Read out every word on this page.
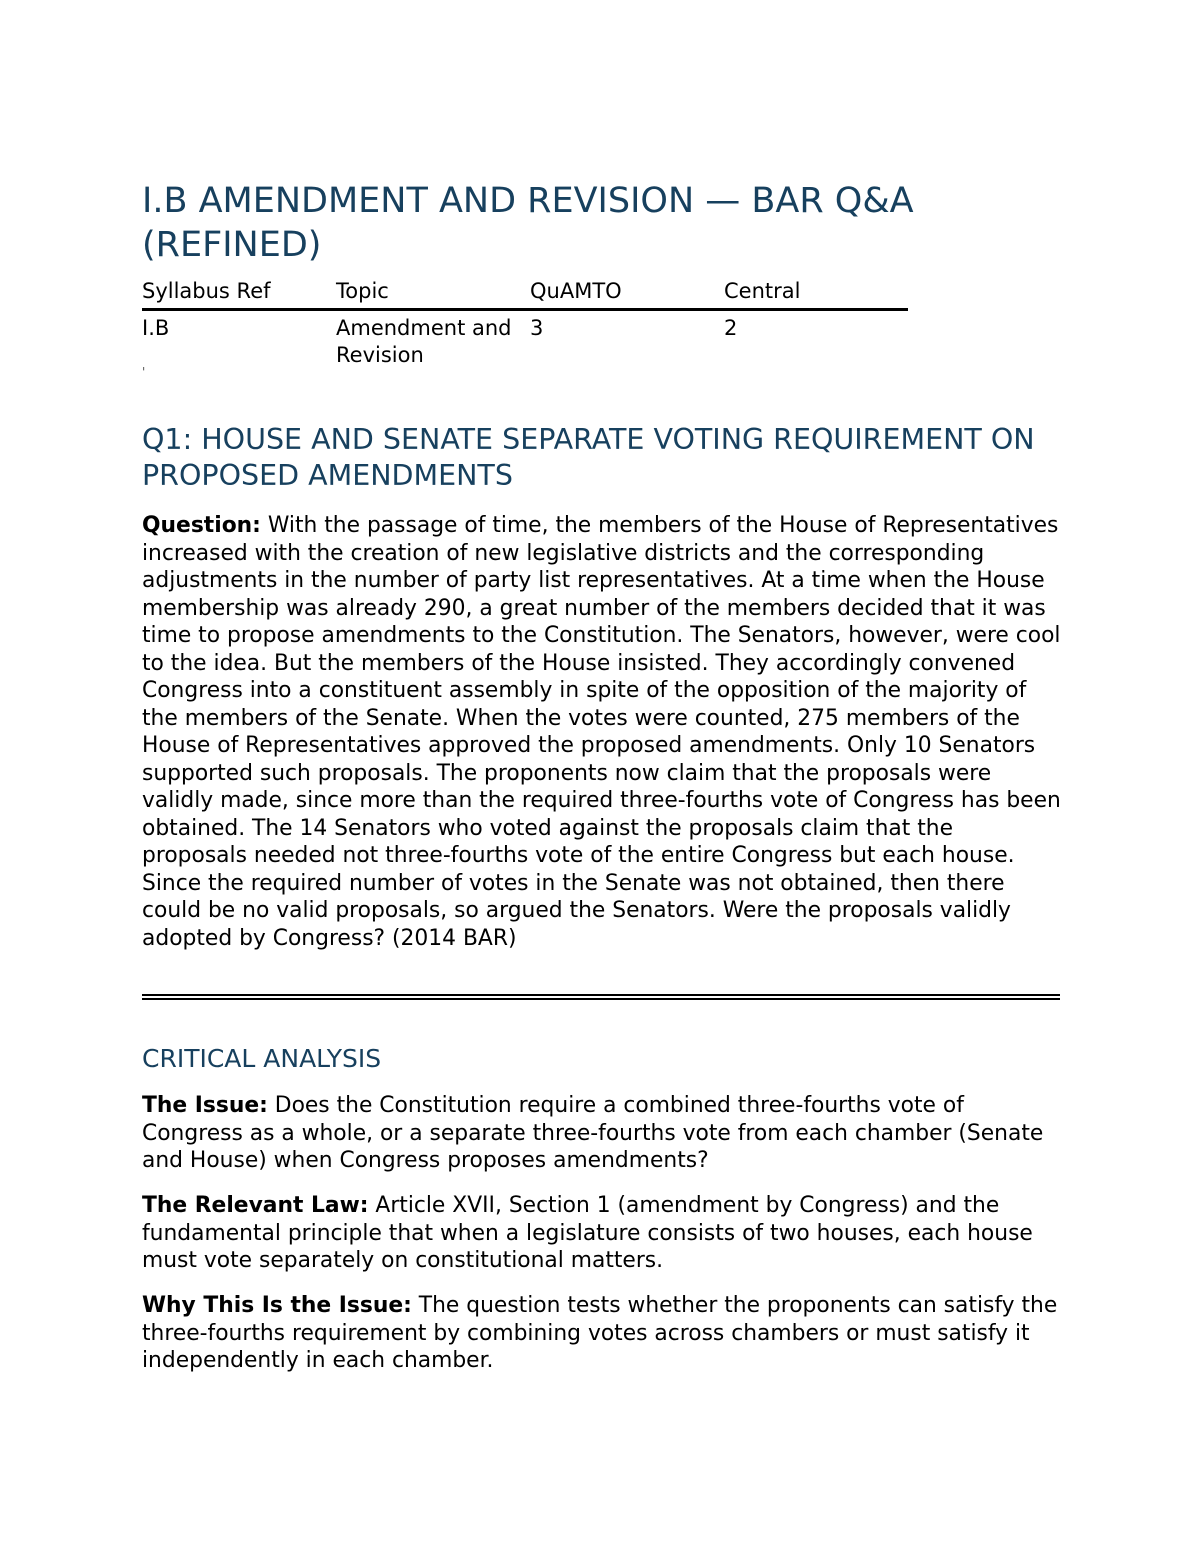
I.B AMENDMENT AND REVISION — BAR Q&A (REFINED)
Syllabus Ref	Topic	QuAMTO	Central
I.B	Amendment and Revision	3	2
'
Q1: HOUSE AND SENATE SEPARATE VOTING REQUIREMENT ON PROPOSED AMENDMENTS

Question: With the passage of time, the members of the House of Representatives increased with the creation of new legislative districts and the corresponding adjustments in the number of party list representatives. At a time when the House membership was already 290, a great number of the members decided that it was time to propose amendments to the Constitution. The Senators, however, were cool to the idea. But the members of the House insisted. They accordingly convened Congress into a constituent assembly in spite of the opposition of the majority of the members of the Senate. When the votes were counted, 275 members of the House of Representatives approved the proposed amendments. Only 10 Senators supported such proposals. The proponents now claim that the proposals were validly made, since more than the required three-fourths vote of Congress has been obtained. The 14 Senators who voted against the proposals claim that the proposals needed not three-fourths vote of the entire Congress but each house. Since the required number of votes in the Senate was not obtained, then there could be no valid proposals, so argued the Senators. Were the proposals validly adopted by Congress? (2014 BAR)

CRITICAL ANALYSIS

The Issue: Does the Constitution require a combined three-fourths vote of Congress as a whole, or a separate three-fourths vote from each chamber (Senate and House) when Congress proposes amendments?

The Relevant Law: Article XVII, Section 1 (amendment by Congress) and the fundamental principle that when a legislature consists of two houses, each house must vote separately on constitutional matters.

Why This Is the Issue: The question tests whether the proponents can satisfy the three-fourths requirement by combining votes across chambers or must satisfy it independently in each chamber.
